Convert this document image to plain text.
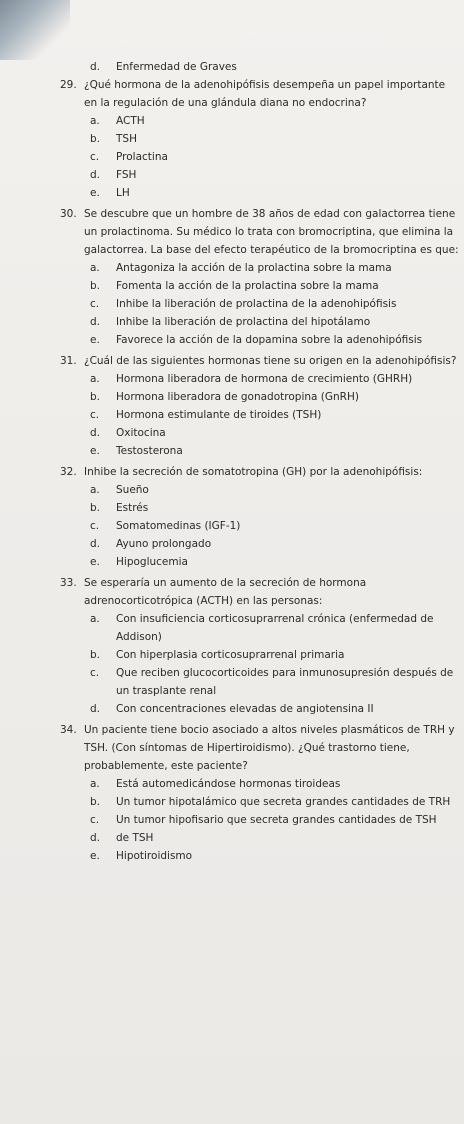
d.	Enfermedad de Graves
29. ¿Qué hormona de la adenohipófisis desempeña un papel importante en la regulación de una glándula diana no endocrina?
a.	ACTH
b.	TSH
c.	Prolactina
d.	FSH
e.	LH
30. Se descubre que un hombre de 38 años de edad con galactorrea tiene un prolactinoma. Su médico lo trata con bromocriptina, que elimina la galactorrea. La base del efecto terapéutico de la bromocriptina es que:
a.	Antagoniza la acción de la prolactina sobre la mama
b.	Fomenta la acción de la prolactina sobre la mama
c.	Inhibe la liberación de prolactina de la adenohipófisis
d.	Inhibe la liberación de prolactina del hipotálamo
e.	Favorece la acción de la dopamina sobre la adenohipófisis
31. ¿Cuál de las siguientes hormonas tiene su origen en la adenohipófisis?
a.	Hormona liberadora de hormona de crecimiento (GHRH)
b.	Hormona liberadora de gonadotropina (GnRH)
c.	Hormona estimulante de tiroides (TSH)
d.	Oxitocina
e.	Testosterona
32. Inhibe la secreción de somatotropina (GH) por la adenohipófisis:
a.	Sueño
b.	Estrés
c.	Somatomedinas (IGF-1)
d.	Ayuno prolongado
e.	Hipoglucemia
33. Se esperaría un aumento de la secreción de hormona adrenocorticotrópica (ACTH) en las personas:
a.	Con insuficiencia corticosuprarrenal crónica (enfermedad de Addison)
b.	Con hiperplasia corticosuprarrenal primaria
c.	Que reciben glucocorticoides para inmunosupresión después de un trasplante renal
d.	Con concentraciones elevadas de angiotensina II
34. Un paciente tiene bocio asociado a altos niveles plasmáticos de TRH y TSH. (Con síntomas de Hipertiroidismo). ¿Qué trastorno tiene, probablemente, este paciente?
a.	Está automedicándose hormonas tiroideas
b.	Un tumor hipotalámico que secreta grandes cantidades de TRH
c.	Un tumor hipofisario que secreta grandes cantidades de TSH
d.	de TSH
e.	Hipotiroidismo
